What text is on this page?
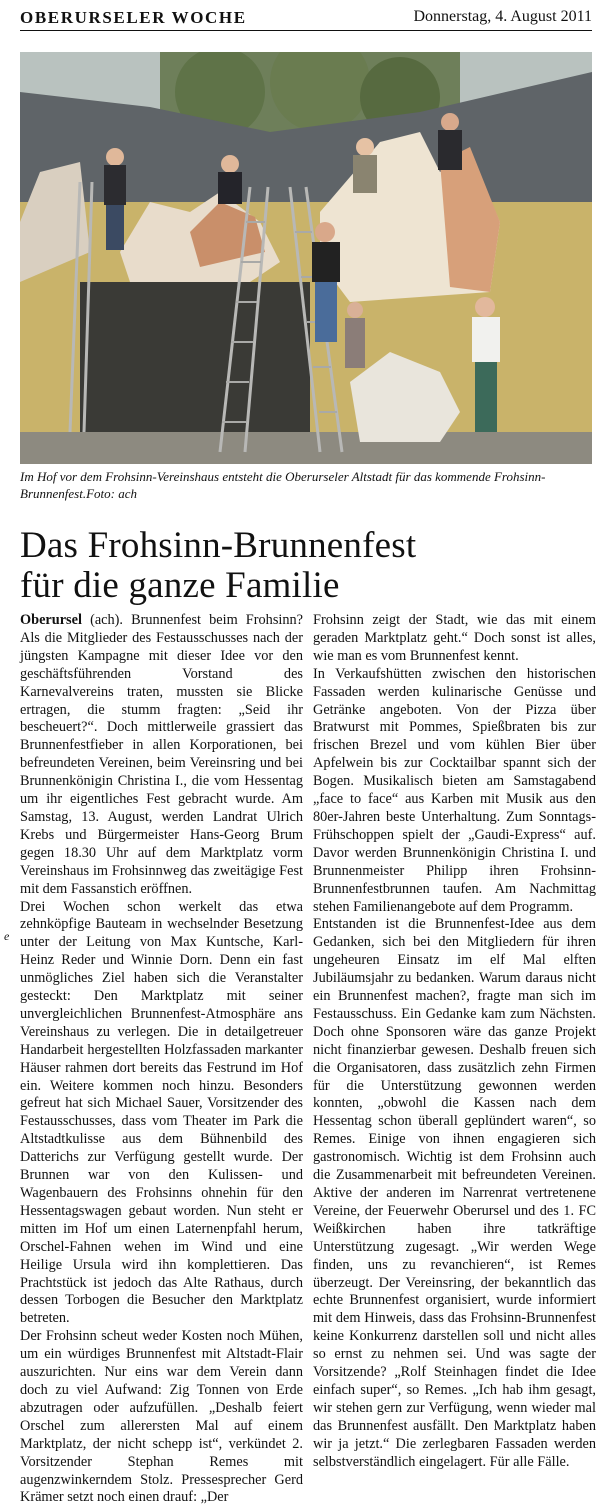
OBERURSELER WOCHE	Donnerstag, 4. August 2011
Im Hof vor dem Frohsinn-Vereinshaus entsteht die Oberurseler Altstadt für das kommende Frohsinn-Brunnenfest.Foto: ach
Das Frohsinn-Brunnenfest
für die ganze Familie
e

Oberursel (ach). Brunnenfest beim Frohsinn? Als die Mitglieder des Festausschusses nach der jüngsten Kampagne mit dieser Idee vor den geschäftsführenden Vorstand des Karnevalvereins traten, mussten sie Blicke ertragen, die stumm fragten: „Seid ihr bescheuert?“. Doch mittlerweile grassiert das Brunnenfestfieber in allen Korporationen, bei befreundeten Vereinen, beim Vereinsring und bei Brunnenkönigin Christina I., die vom Hessentag um ihr eigentliches Fest gebracht wurde. Am Samstag, 13. August, werden Landrat Ulrich Krebs und Bürgermeister Hans-Georg Brum gegen 18.30 Uhr auf dem Marktplatz vorm Vereinshaus im Frohsinnweg das zweitägige Fest mit dem Fassanstich eröffnen.

Drei Wochen schon werkelt das etwa zehnköpfige Bauteam in wechselnder Besetzung unter der Leitung von Max Kuntsche, Karl-Heinz Reder und Winnie Dorn. Denn ein fast unmögliches Ziel haben sich die Veranstalter gesteckt: Den Marktplatz mit seiner unvergleichlichen Brunnenfest-Atmosphäre ans Vereinshaus zu verlegen. Die in detailgetreuer Handarbeit hergestellten Holzfassaden markanter Häuser rahmen dort bereits das Festrund im Hof ein. Weitere kommen noch hinzu. Besonders gefreut hat sich Michael Sauer, Vorsitzender des Festausschusses, dass vom Theater im Park die Altstadtkulisse aus dem Bühnenbild des Datterichs zur Verfügung gestellt wurde. Der Brunnen war von den Kulissen- und Wagenbauern des Frohsinns ohnehin für den Hessentagswagen gebaut worden. Nun steht er mitten im Hof um einen Laternenpfahl herum, Orschel-Fahnen wehen im Wind und eine Heilige Ursula wird ihn komplettieren. Das Prachtstück ist jedoch das Alte Rathaus, durch dessen Torbogen die Besucher den Marktplatz betreten.

Der Frohsinn scheut weder Kosten noch Mühen, um ein würdiges Brunnenfest mit Altstadt-Flair auszurichten. Nur eins war dem Verein dann doch zu viel Aufwand: Zig Tonnen von Erde abzutragen oder aufzufüllen. „Deshalb feiert Orschel zum allerersten Mal auf einem Marktplatz, der nicht schepp ist“, verkündet 2. Vorsitzender Stephan Remes mit augenzwinkerndem Stolz. Pressesprecher Gerd Krämer setzt noch einen drauf: „Der

Frohsinn zeigt der Stadt, wie das mit einem geraden Marktplatz geht.“ Doch sonst ist alles, wie man es vom Brunnenfest kennt.

In Verkaufshütten zwischen den historischen Fassaden werden kulinarische Genüsse und Getränke angeboten. Von der Pizza über Bratwurst mit Pommes, Spießbraten bis zur frischen Brezel und vom kühlen Bier über Apfelwein bis zur Cocktailbar spannt sich der Bogen. Musikalisch bieten am Samstagabend „face to face“ aus Karben mit Musik aus den 80er-Jahren beste Unterhaltung. Zum Sonntags-Frühschoppen spielt der „Gaudi-Express“ auf. Davor werden Brunnenkönigin Christina I. und Brunnenmeister Philipp ihren Frohsinn-Brunnenfestbrunnen taufen. Am Nachmittag stehen Familienangebote auf dem Programm.

Entstanden ist die Brunnenfest-Idee aus dem Gedanken, sich bei den Mitgliedern für ihren ungeheuren Einsatz im elf Mal elften Jubiläumsjahr zu bedanken. Warum daraus nicht ein Brunnenfest machen?, fragte man sich im Festausschuss. Ein Gedanke kam zum Nächsten. Doch ohne Sponsoren wäre das ganze Projekt nicht finanzierbar gewesen. Deshalb freuen sich die Organisatoren, dass zusätzlich zehn Firmen für die Unterstützung gewonnen werden konnten, „obwohl die Kassen nach dem Hessentag schon überall geplündert waren“, so Remes. Einige von ihnen engagieren sich gastronomisch. Wichtig ist dem Frohsinn auch die Zusammenarbeit mit befreundeten Vereinen. Aktive der anderen im Narrenrat vertretenene Vereine, der Feuerwehr Oberursel und des 1. FC Weißkirchen haben ihre tatkräftige Unterstützung zugesagt. „Wir werden Wege finden, uns zu revanchieren“, ist Remes überzeugt. Der Vereinsring, der bekanntlich das echte Brunnenfest organisiert, wurde informiert mit dem Hinweis, dass das Frohsinn-Brunnenfest keine Konkurrenz darstellen soll und nicht alles so ernst zu nehmen sei. Und was sagte der Vorsitzende? „Rolf Steinhagen findet die Idee einfach super“, so Remes. „Ich hab ihm gesagt, wir stehen gern zur Verfügung, wenn wieder mal das Brunnenfest ausfällt. Den Marktplatz haben wir ja jetzt.“ Die zerlegbaren Fassaden werden selbstverständlich eingelagert. Für alle Fälle.
